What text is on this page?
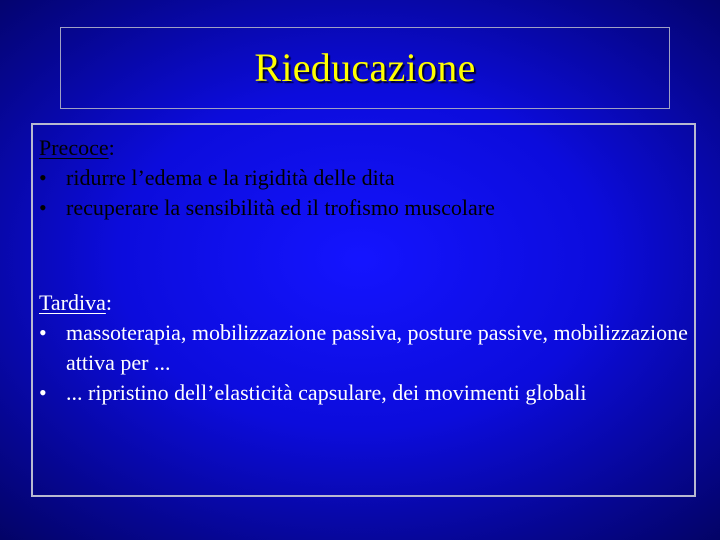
Rieducazione
Precoce:
• ridurre l’edema e la rigidità delle dita
• recuperare la sensibilità ed il trofismo muscolare
Tardiva:
• massoterapia, mobilizzazione passiva, posture passive, mobilizzazione attiva per ...
• ... ripristino dell’elasticità capsulare, dei movimenti globali
